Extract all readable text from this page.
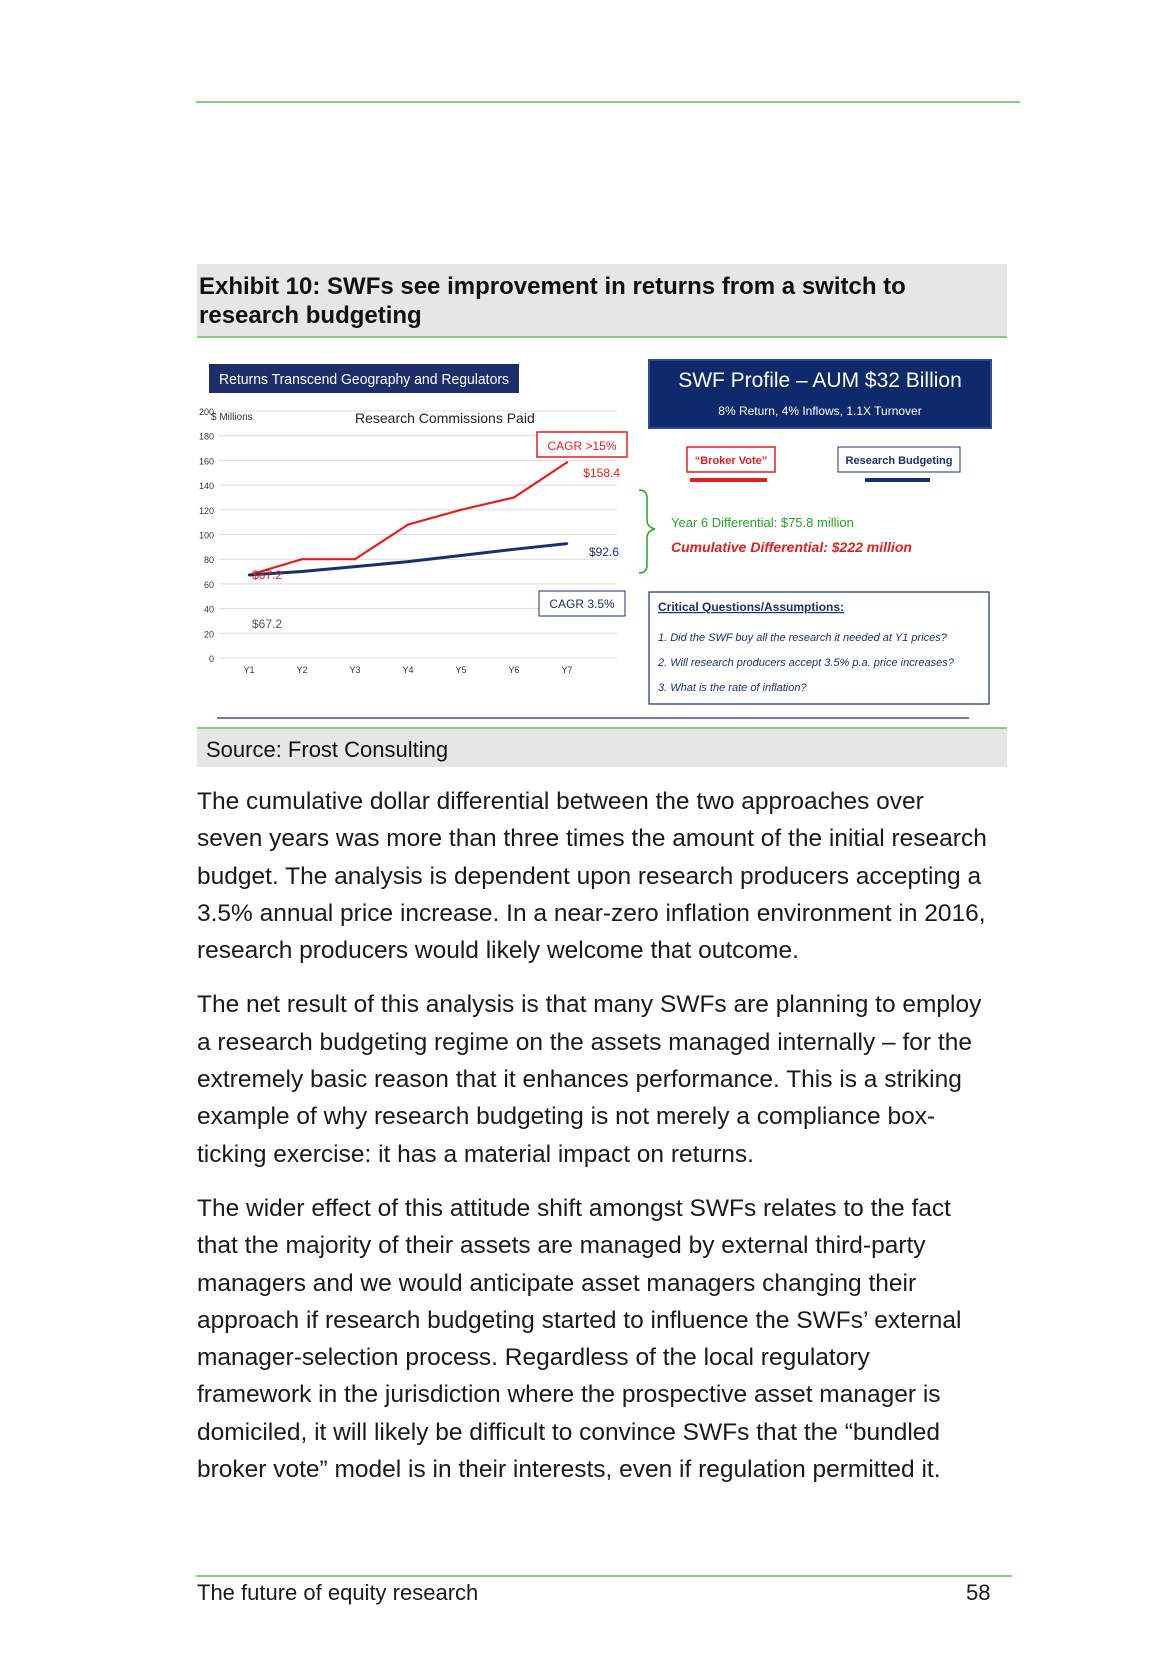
Exhibit 10: SWFs see improvement in returns from a switch to research budgeting
Returns Transcend Geography and Regulators
$ Millions	Research Commissions Paid
0
20
40
60
80
100
120
140
160
180
200
Y1	Y2	Y3	Y4	Y5	Y6	Y7
CAGR >15%
$158.4
$92.6
$67.2
$67.2
CAGR 3.5%
SWF Profile – AUM $32 Billion
8% Return, 4% Inflows, 1.1X Turnover
“Broker Vote”	Research Budgeting
Year 6 Differential: $75.8 million
Cumulative Differential: $222 million
Critical Questions/Assumptions:
1. Did the SWF buy all the research it needed at Y1 prices?
2. Will research producers accept 3.5% p.a. price increases?
3. What is the rate of inflation?

Source: Frost Consulting

The cumulative dollar differential between the two approaches over
seven years was more than three times the amount of the initial research
budget. The analysis is dependent upon research producers accepting a
3.5% annual price increase. In a near-zero inflation environment in 2016,
research producers would likely welcome that outcome.

The net result of this analysis is that many SWFs are planning to employ
a research budgeting regime on the assets managed internally – for the
extremely basic reason that it enhances performance. This is a striking
example of why research budgeting is not merely a compliance box-
ticking exercise: it has a material impact on returns.

The wider effect of this attitude shift amongst SWFs relates to the fact
that the majority of their assets are managed by external third-party
managers and we would anticipate asset managers changing their
approach if research budgeting started to influence the SWFs’ external
manager-selection process. Regardless of the local regulatory
framework in the jurisdiction where the prospective asset manager is
domiciled, it will likely be difficult to convince SWFs that the “bundled
broker vote” model is in their interests, even if regulation permitted it.

The future of equity research	58
